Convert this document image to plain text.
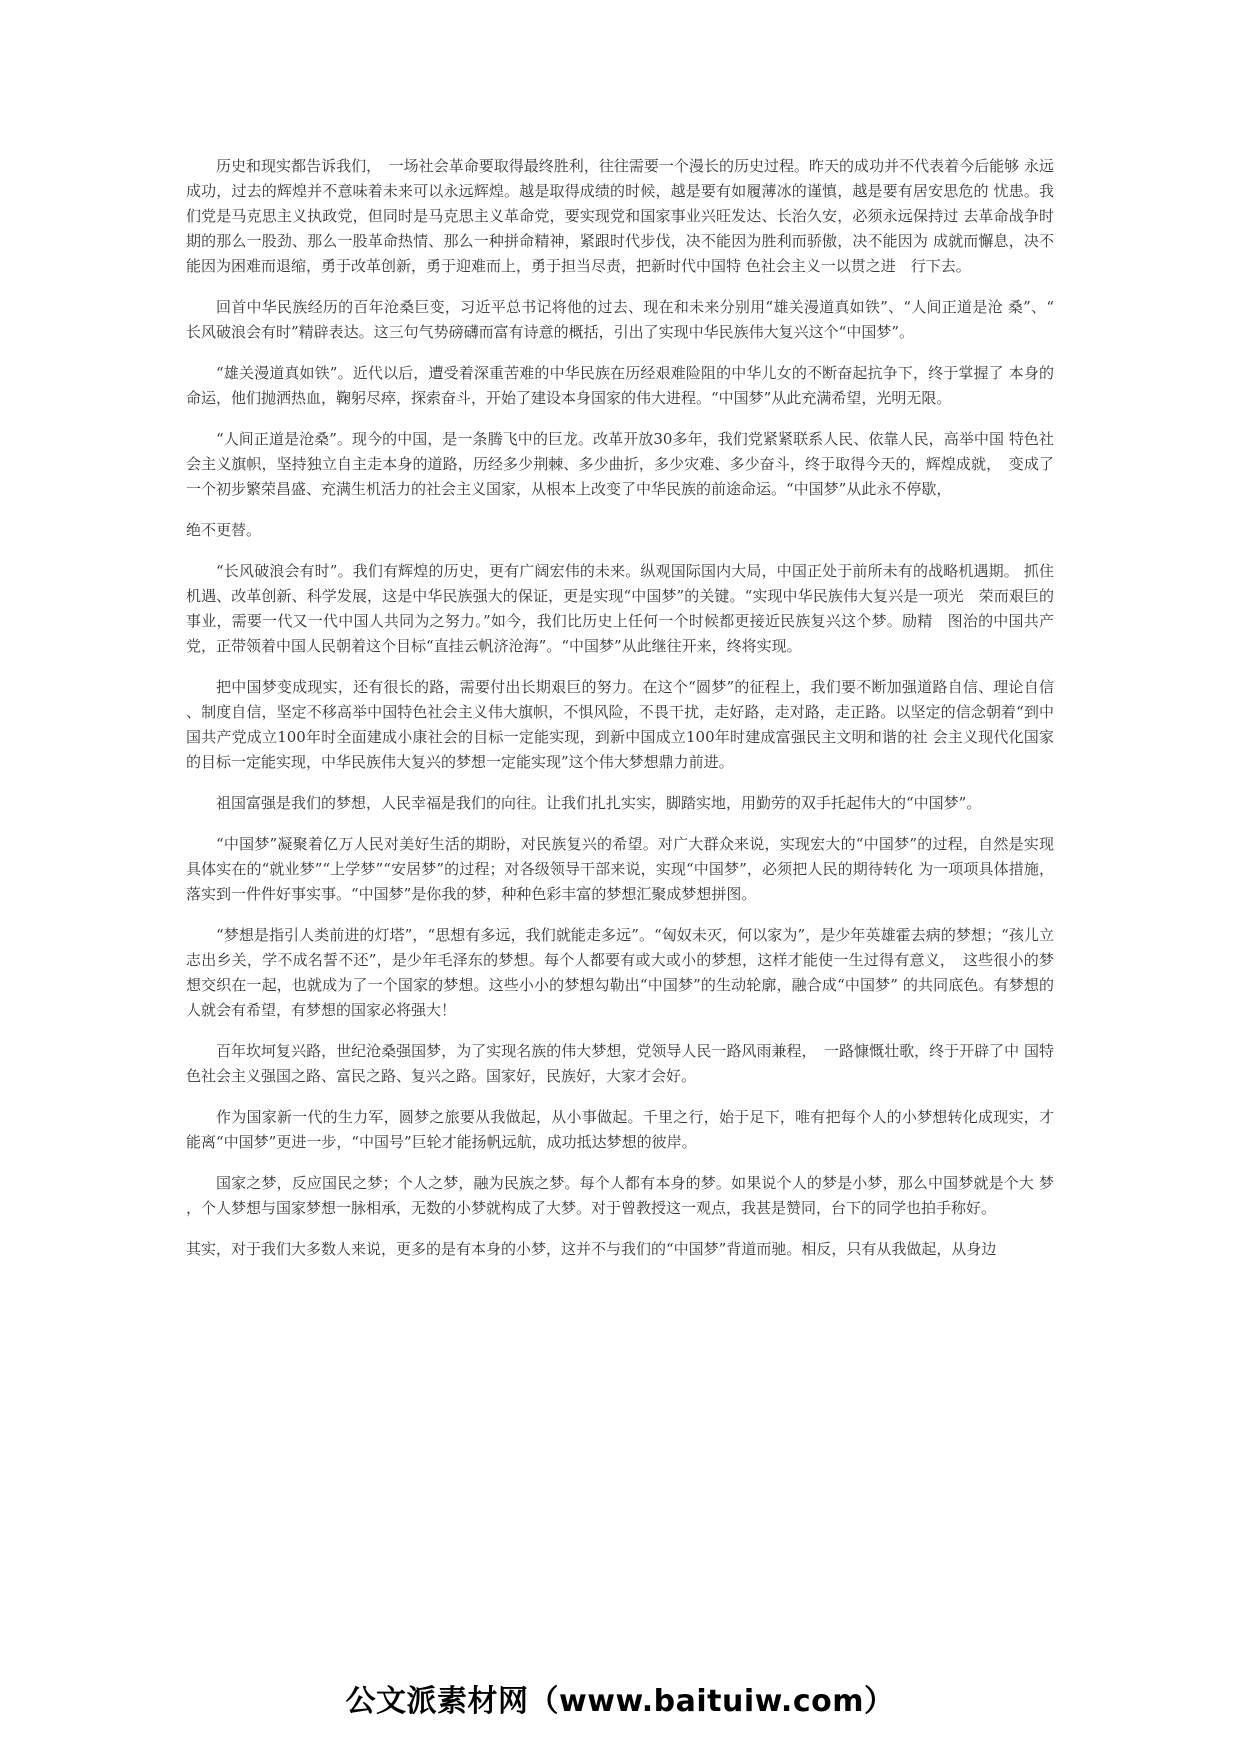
历史和现实都告诉我们，　一场社会革命要取得最终胜利，往往需要一个漫长的历史过程。昨天的成功并不代表着今后能够 永远成功，过去的辉煌并不意味着未来可以永远辉煌。越是取得成绩的时候，越是要有如履薄冰的谨慎，越是要有居安思危的 忧患。我们党是马克思主义执政党，但同时是马克思主义革命党，要实现党和国家事业兴旺发达、长治久安，必须永远保持过 去革命战争时期的那么一股劲、那么一股革命热情、那么一种拼命精神，紧跟时代步伐，决不能因为胜利而骄傲，决不能因为 成就而懈息，决不能因为困难而退缩，勇于改革创新，勇于迎难而上，勇于担当尽责，把新时代中国特 色社会主义一以贯之进　行下去。

回首中华民族经历的百年沧桑巨变，习近平总书记将他的过去、现在和未来分别用“雄关漫道真如铁”、“人间正道是沧 桑”、“长风破浪会有时”精辟表达。这三句气势磅礴而富有诗意的概括，引出了实现中华民族伟大复兴这个“中国梦”。

“雄关漫道真如铁”。近代以后，遭受着深重苦难的中华民族在历经艰难险阻的中华儿女的不断奋起抗争下，终于掌握了 本身的命运，他们抛洒热血，鞠躬尽瘁，探索奋斗，开始了建设本身国家的伟大进程。“中国梦”从此充满希望，光明无限。

“人间正道是沧桑”。现今的中国，是一条腾飞中的巨龙。改革开放30多年，我们党紧紧联系人民、依靠人民，高举中国 特色社会主义旗帜，坚持独立自主走本身的道路，历经多少荆棘、多少曲折，多少灾难、多少奋斗，终于取得今天的，辉煌成就，　变成了一个初步繁荣昌盛、充满生机活力的社会主义国家，从根本上改变了中华民族的前途命运。“中国梦”从此永不停歇，

绝不更替。

“长风破浪会有时”。我们有辉煌的历史，更有广阔宏伟的未来。纵观国际国内大局，中国正处于前所未有的战略机遇期。 抓住机遇、改革创新、科学发展，这是中华民族强大的保证，更是实现“中国梦”的关键。“实现中华民族伟大复兴是一项光　荣而艰巨的事业，需要一代又一代中国人共同为之努力。”如今，我们比历史上任何一个时候都更接近民族复兴这个梦。励精　图治的中国共产党，正带领着中国人民朝着这个目标“直挂云帆济沧海”。“中国梦”从此继往开来，终将实现。

把中国梦变成现实，还有很长的路，需要付出长期艰巨的努力。在这个“圆梦”的征程上，我们要不断加强道路自信、理论自信、制度自信，坚定不移高举中国特色社会主义伟大旗帜，不惧风险，不畏干扰，走好路，走对路，走正路。以坚定的信念朝着“到中国共产党成立100年时全面建成小康社会的目标一定能实现，到新中国成立100年时建成富强民主文明和谐的社 会主义现代化国家的目标一定能实现，中华民族伟大复兴的梦想一定能实现”这个伟大梦想鼎力前进。

祖国富强是我们的梦想，人民幸福是我们的向往。让我们扎扎实实，脚踏实地，用勤劳的双手托起伟大的“中国梦”。

“中国梦”凝聚着亿万人民对美好生活的期盼，对民族复兴的希望。对广大群众来说，实现宏大的“中国梦”的过程，自然是实现具体实在的“就业梦”“上学梦”“安居梦”的过程；对各级领导干部来说，实现“中国梦”，必须把人民的期待转化 为一项项具体措施，落实到一件件好事实事。“中国梦”是你我的梦，种种色彩丰富的梦想汇聚成梦想拼图。

“梦想是指引人类前进的灯塔”，“思想有多远，我们就能走多远”。“匈奴未灭，何以家为”，是少年英雄霍去病的梦想；“孩儿立志出乡关，学不成名誓不还”，是少年毛泽东的梦想。每个人都要有或大或小的梦想，这样才能使一生过得有意义，　这些很小的梦想交织在一起，也就成为了一个国家的梦想。这些小小的梦想勾勒出“中国梦”的生动轮廓，融合成“中国梦” 的共同底色。有梦想的人就会有希望，有梦想的国家必将强大！

百年坎坷复兴路，世纪沧桑强国梦，为了实现名族的伟大梦想，党领导人民一路风雨兼程，　一路慷慨壮歌，终于开辟了中 国特色社会主义强国之路、富民之路、复兴之路。国家好，民族好，大家才会好。

作为国家新一代的生力军，圆梦之旅要从我做起，从小事做起。千里之行，始于足下，唯有把每个人的小梦想转化成现实，才能离“中国梦”更进一步，“中国号”巨轮才能扬帆远航，成功抵达梦想的彼岸。

国家之梦，反应国民之梦；个人之梦，融为民族之梦。每个人都有本身的梦。如果说个人的梦是小梦，那么中国梦就是个大 梦，个人梦想与国家梦想一脉相承，无数的小梦就构成了大梦。对于曾教授这一观点，我甚是赞同，台下的同学也拍手称好。

其实，对于我们大多数人来说，更多的是有本身的小梦，这并不与我们的“中国梦”背道而驰。相反，只有从我做起，从身边

公文派素材网（www.baituiw.com）
